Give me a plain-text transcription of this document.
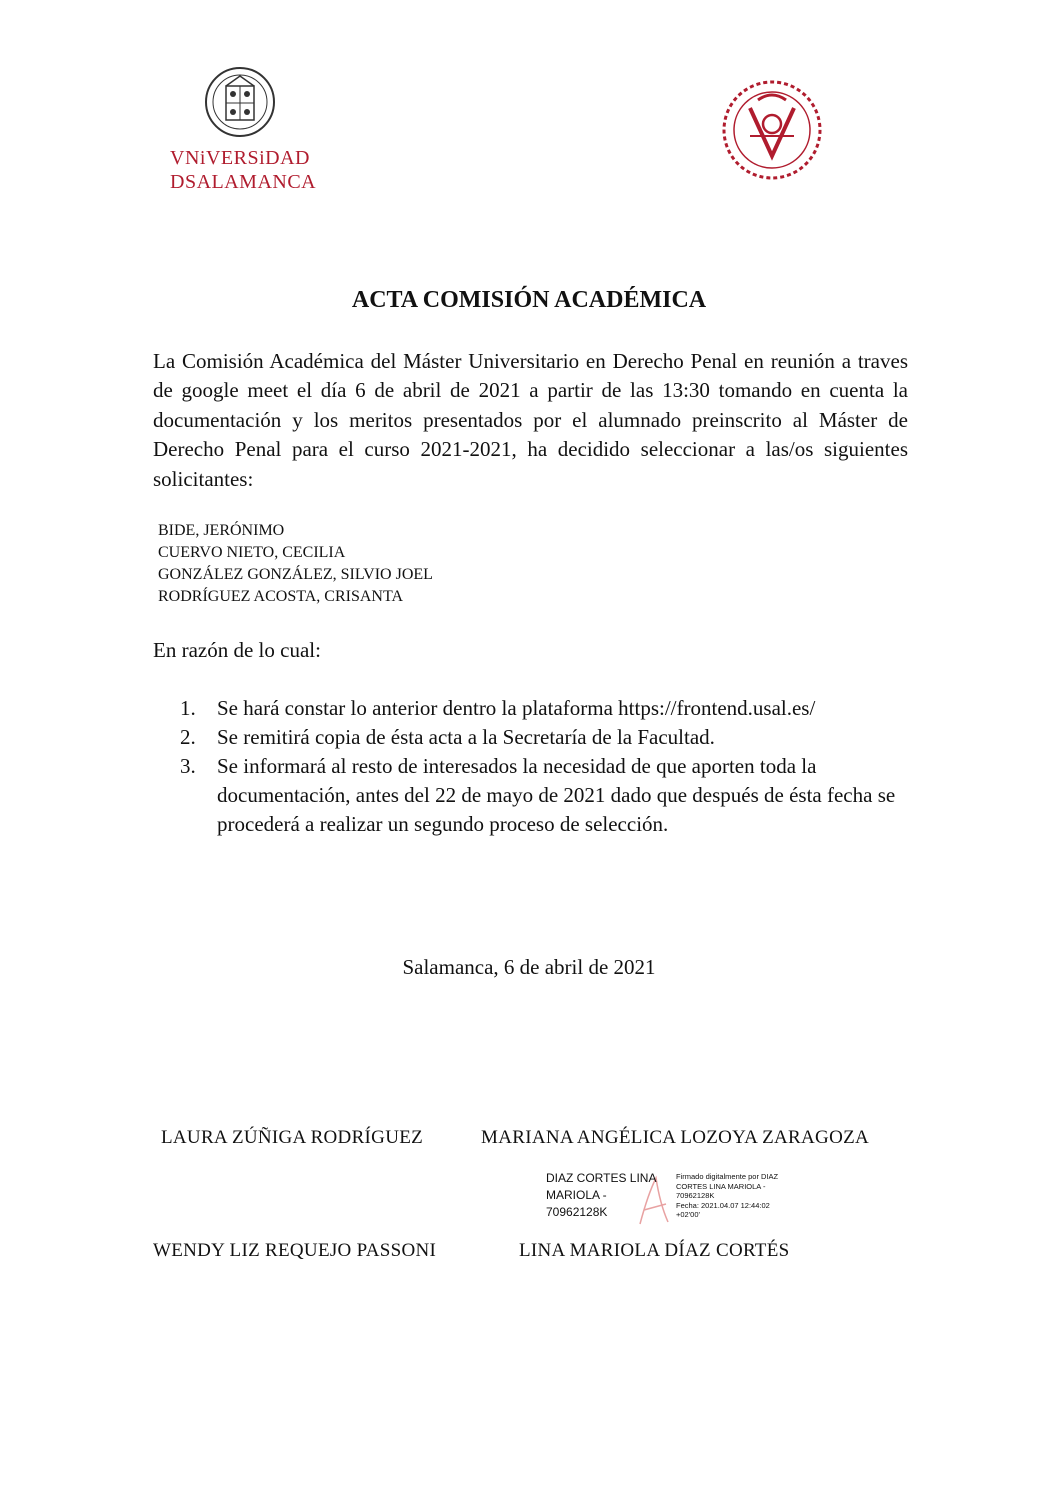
VNiVERSiDAD
DSALAMANCA
ACTA COMISIÓN ACADÉMICA
La Comisión Académica del Máster Universitario en Derecho Penal en reunión a traves de google meet el día 6 de abril de 2021 a partir de las 13:30 tomando en cuenta la documentación y los meritos presentados por el alumnado preinscrito al Máster de Derecho Penal para el curso 2021-2021, ha decidido seleccionar a las/os siguientes solicitantes:
BIDE, JERÓNIMO
CUERVO NIETO, CECILIA
GONZÁLEZ GONZÁLEZ, SILVIO JOEL
RODRÍGUEZ ACOSTA, CRISANTA
En razón de lo cual:
1. Se hará constar lo anterior dentro la plataforma https://frontend.usal.es/
2. Se remitirá copia de ésta acta a la Secretaría de la Facultad.
3. Se informará al resto de interesados la necesidad de que aporten toda la documentación, antes del 22 de mayo de 2021 dado que después de ésta fecha se procederá a realizar un segundo proceso de selección.
Salamanca, 6 de abril de 2021
LAURA ZÚÑIGA RODRÍGUEZ	MARIANA ANGÉLICA LOZOYA ZARAGOZA
DIAZ CORTES LINA
MARIOLA -
70962128K
Firmado digitalmente por DIAZ
CORTES LINA MARIOLA -
70962128K
Fecha: 2021.04.07 12:44:02
+02'00'
WENDY LIZ REQUEJO PASSONI	LINA MARIOLA DÍAZ CORTÉS
